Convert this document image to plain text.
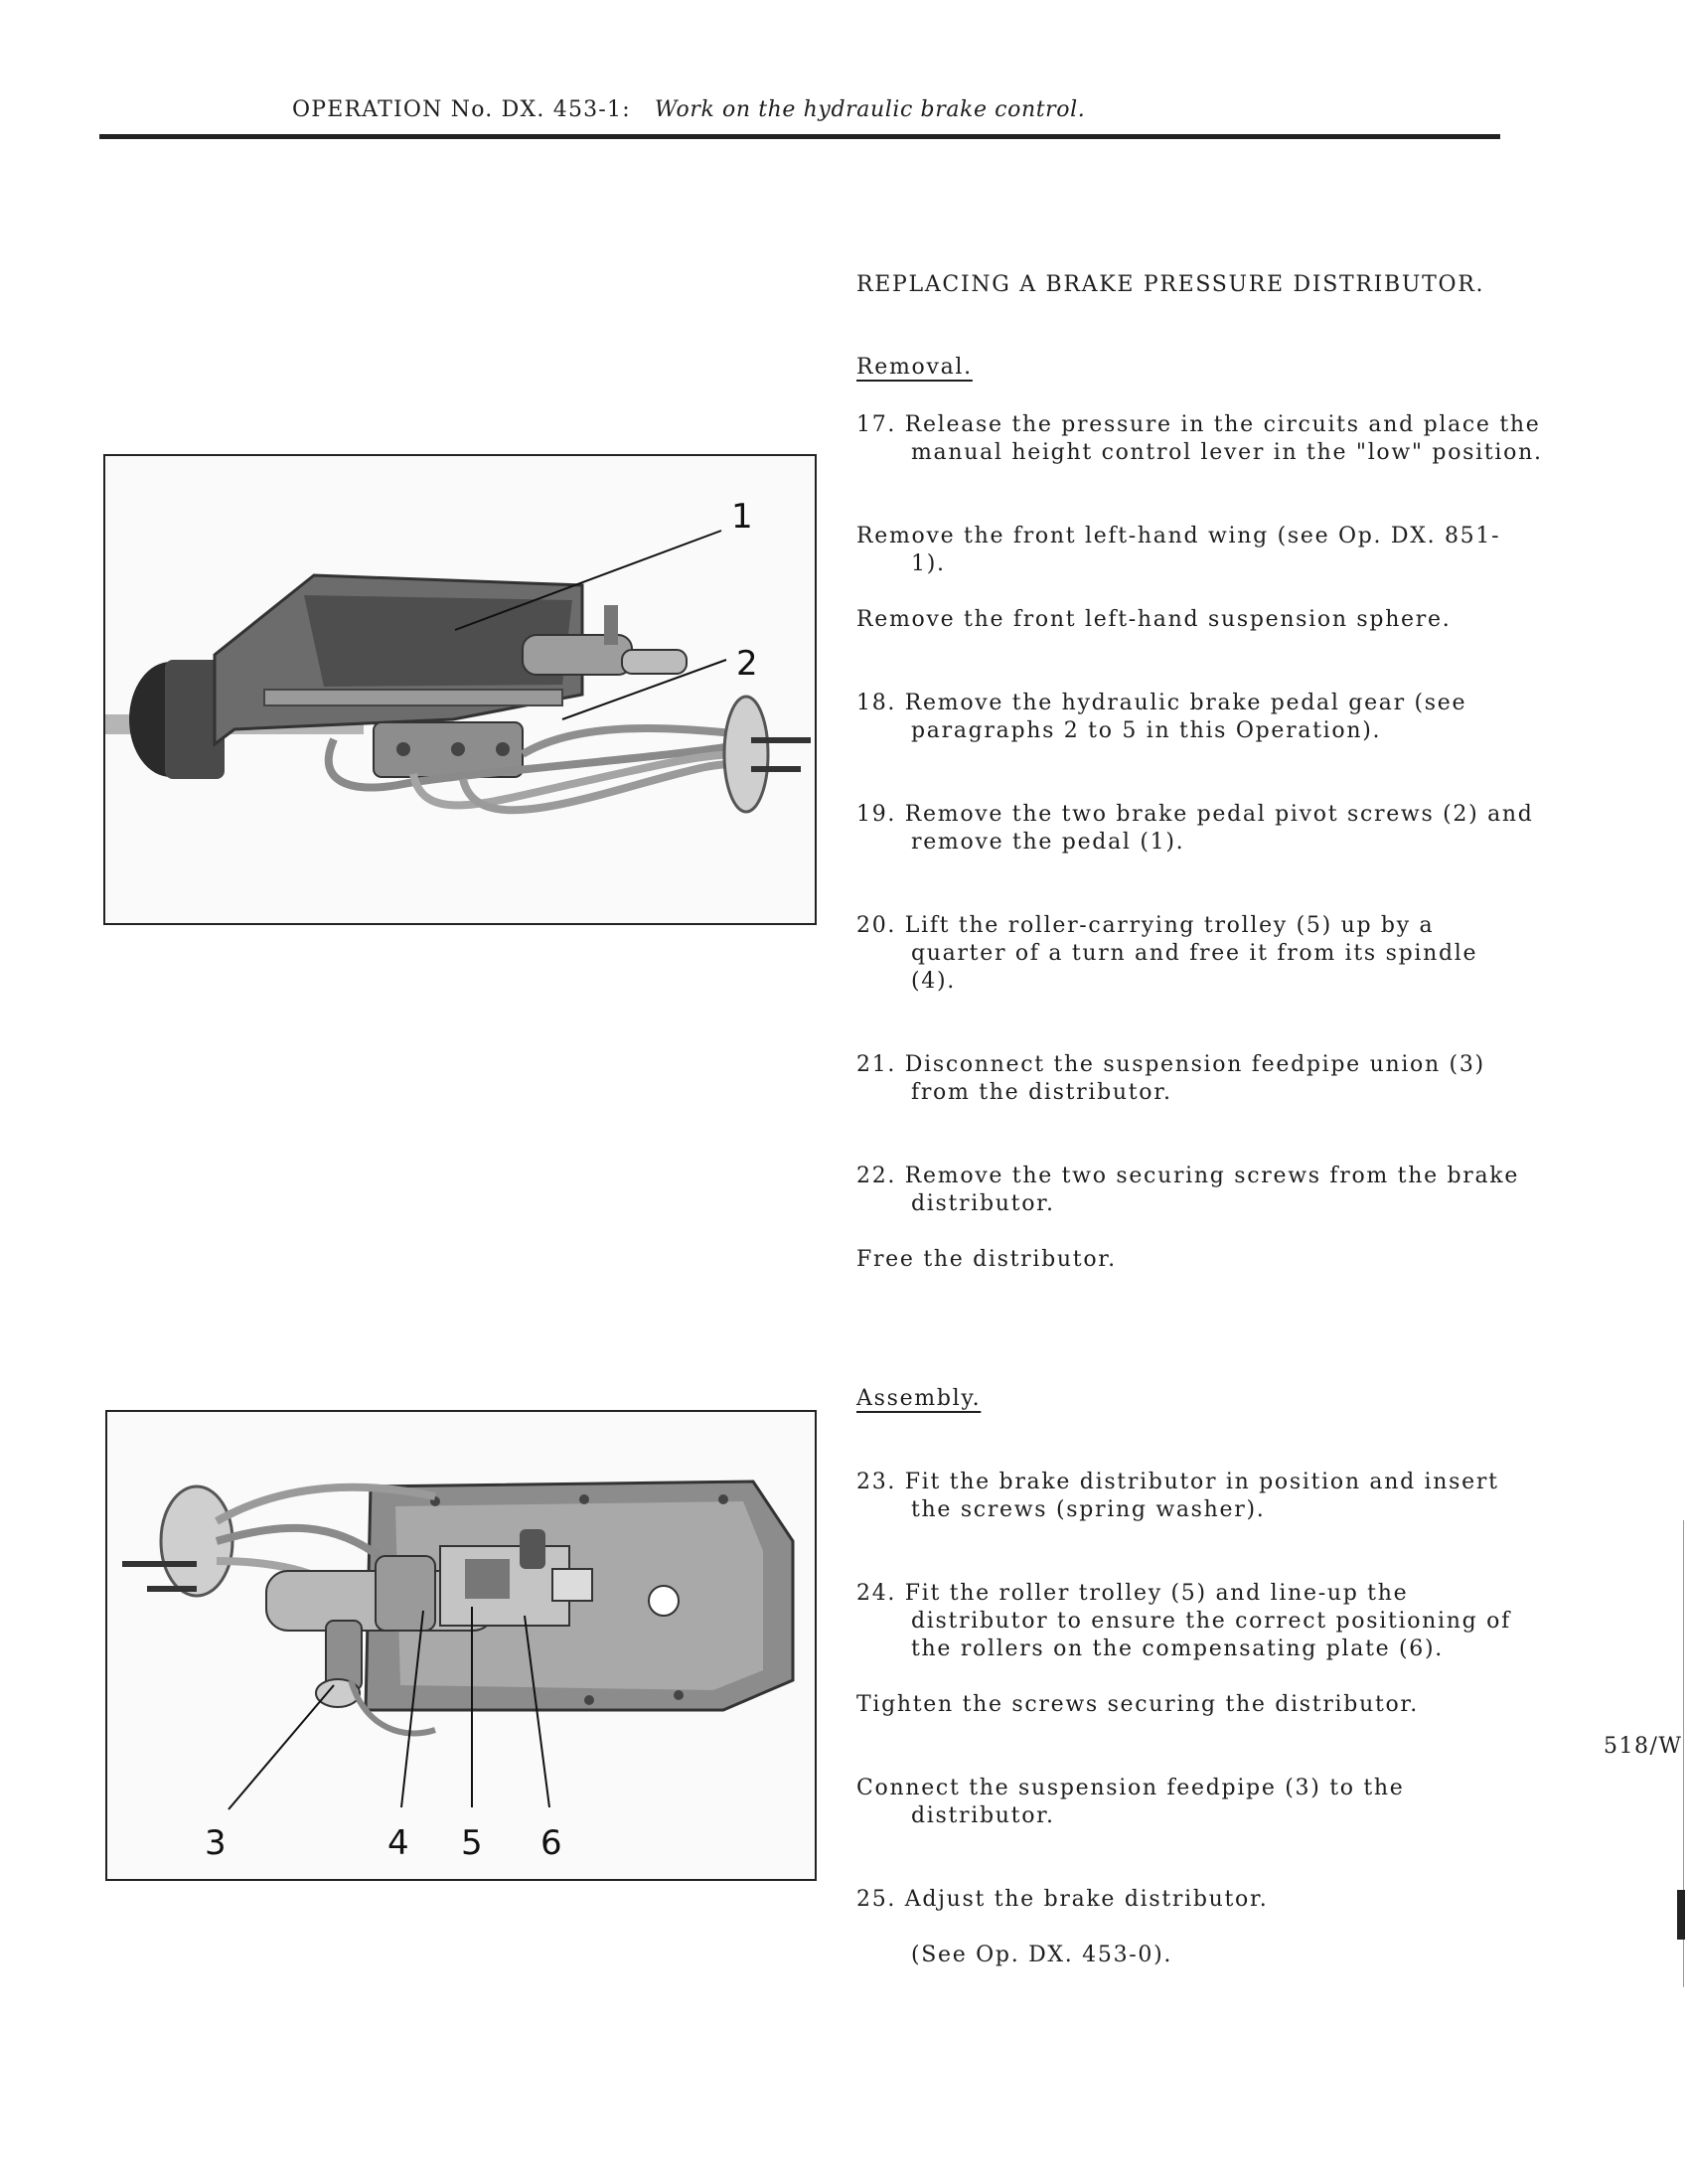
OPERATION No. DX. 453-1: Work on the hydraulic brake control.
REPLACING A BRAKE PRESSURE DISTRIBUTOR.
Removal.
17. Release the pressure in the circuits and place the manual height control lever in the "low" position.
Remove the front left-hand wing (see Op. DX. 851-1).
Remove the front left-hand suspension sphere.
18. Remove the hydraulic brake pedal gear (see paragraphs 2 to 5 in this Operation).
19. Remove the two brake pedal pivot screws (2) and remove the pedal (1).
20. Lift the roller-carrying trolley (5) up by a quarter of a turn and free it from its spindle (4).
21. Disconnect the suspension feedpipe union (3) from the distributor.
22. Remove the two securing screws from the brake distributor.
Free the distributor.
Assembly.
23. Fit the brake distributor in position and insert the screws (spring washer).
24. Fit the roller trolley (5) and line-up the distributor to ensure the correct positioning of the rollers on the compensating plate (6).
Tighten the screws securing the distributor.
Connect the suspension feedpipe (3) to the distributor.
25. Adjust the brake distributor.
(See Op. DX. 453-0).
1
2
3	4 5 6
518/W
